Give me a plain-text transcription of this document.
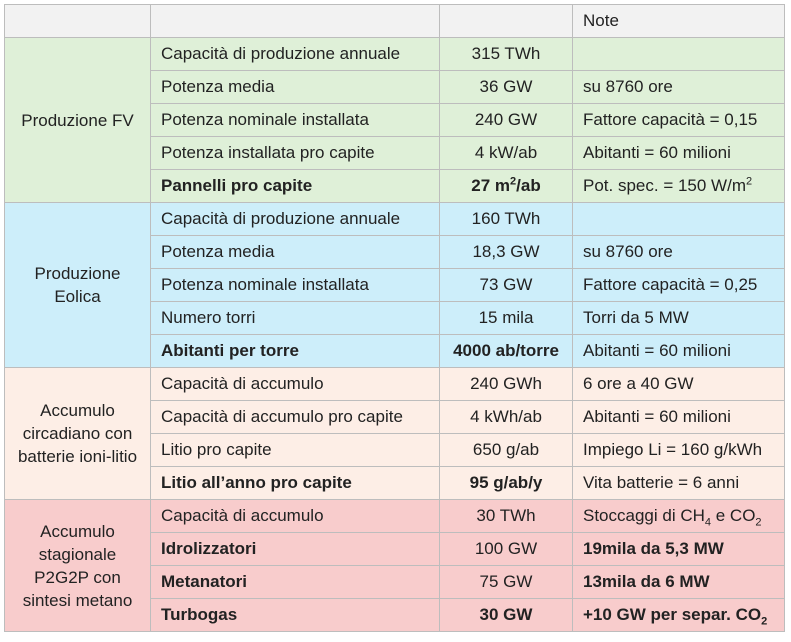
			Note
Produzione FV	Capacità di produzione annuale	315 TWh	
	Potenza media	36 GW	su 8760 ore
	Potenza nominale installata	240 GW	Fattore capacità = 0,15
	Potenza installata pro capite	4 kW/ab	Abitanti = 60 milioni
	Pannelli pro capite	27 $m^2/ab$	Pot. spec. = 150 $W/m^2$
Produzione Eolica	Capacità di produzione annuale	160 TWh	
	Potenza media	18,3 GW	su 8760 ore
	Potenza nominale installata	73 GW	Fattore capacità = 0,25
	Numero torri	15 mila	Torri da 5 MW
	Abitanti per torre	4000 ab/torre	Abitanti = 60 milioni
Accumulo circadiano con batterie ioni-litio	Capacità di accumulo	240 GWh	6 ore a 40 GW
	Capacità di accumulo pro capite	4 kWh/ab	Abitanti = 60 milioni
	Litio pro capite	650 g/ab	Impiego Li = 160 g/kWh
	Litio all’anno pro capite	95 g/ab/y	Vita batterie = 6 anni
Accumulo stagionale P2G2P con sintesi metano	Capacità di accumulo	30 TWh	Stoccaggi di $CH_4$ e $CO_2$
	Idrolizzatori	100 GW	19mila da 5,3 MW
	Metanatori	75 GW	13mila da 6 MW
	Turbogas	30 GW	+10 GW per separ. $CO_2$
